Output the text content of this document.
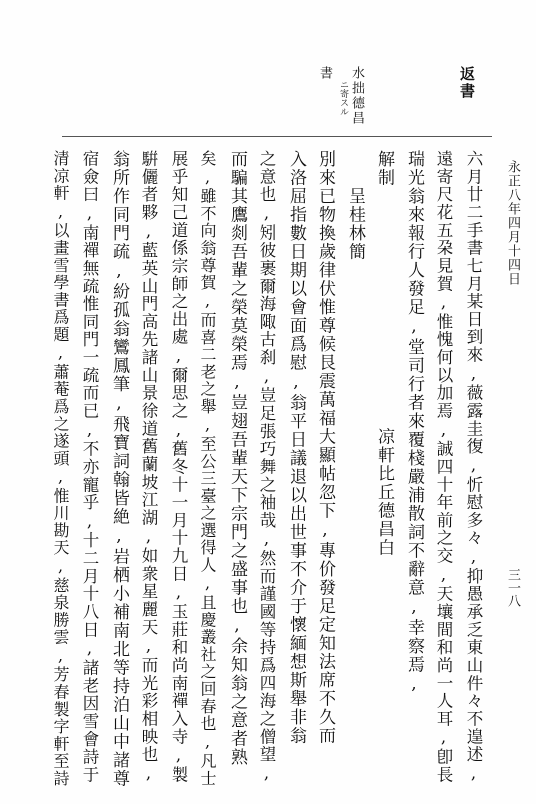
永正八年四月十四日
三一八
返書
水拙德昌
ニ寄スル
書
六月廿二手書七月某日到來,薇露圭復,忻慰多々,抑愚承乏東山件々不遑述,
遠寄尺花五朶見賀,惟愧何以加焉,誠四十年前之交,天壤間和尚一人耳,卽長
瑞光翁來報行人發足,堂司行者來覆棧嚴浦散詞不辭意,幸察焉,
解制　　　　　　　　　　　　　凉軒比丘德昌白
　　呈桂林簡
別來已物換歲律伏惟尊候艮震萬福大顯帖忽下,專价發足定知法席不久而
入洛屈指數日期以會面爲慰,翁平日議退以出世事不介于懷緬想斯舉非翁
之意也,矧彼裹爾海陬古刹,豈足張巧舞之袖哉,然而謹國等持爲四海之僧望,
而騙其鷹剡吾輩之榮莫榮焉,豈翅吾輩天下宗門之盛事也,余知翁之意者熟
矣,雖不向翁尊賀,而喜二老之舉,至公三臺之選得人,且慶叢社之回春也,凡士
展乎知己道係宗師之出處,爾思之,舊冬十一月十九日,玉莊和尚南禪入寺,製
騈儷者夥,藍英山門高先諸山景徐道舊蘭坡江湖,如衆星麗天,而光彩相映也,
翁所作同門疏,紛孤翁鸞鳳筆,飛寶詞翰皆絶,岩栖小補南北等持泊山中諸尊
宿僉曰,南禪無疏惟同門一疏而已,不亦寵乎,十二月十八日,諸老因雪會詩于
清凉軒,以畫雪學書爲題,蕭菴爲之遂頭,惟川勘天,慈泉勝雲,芳春製字軒至詩
